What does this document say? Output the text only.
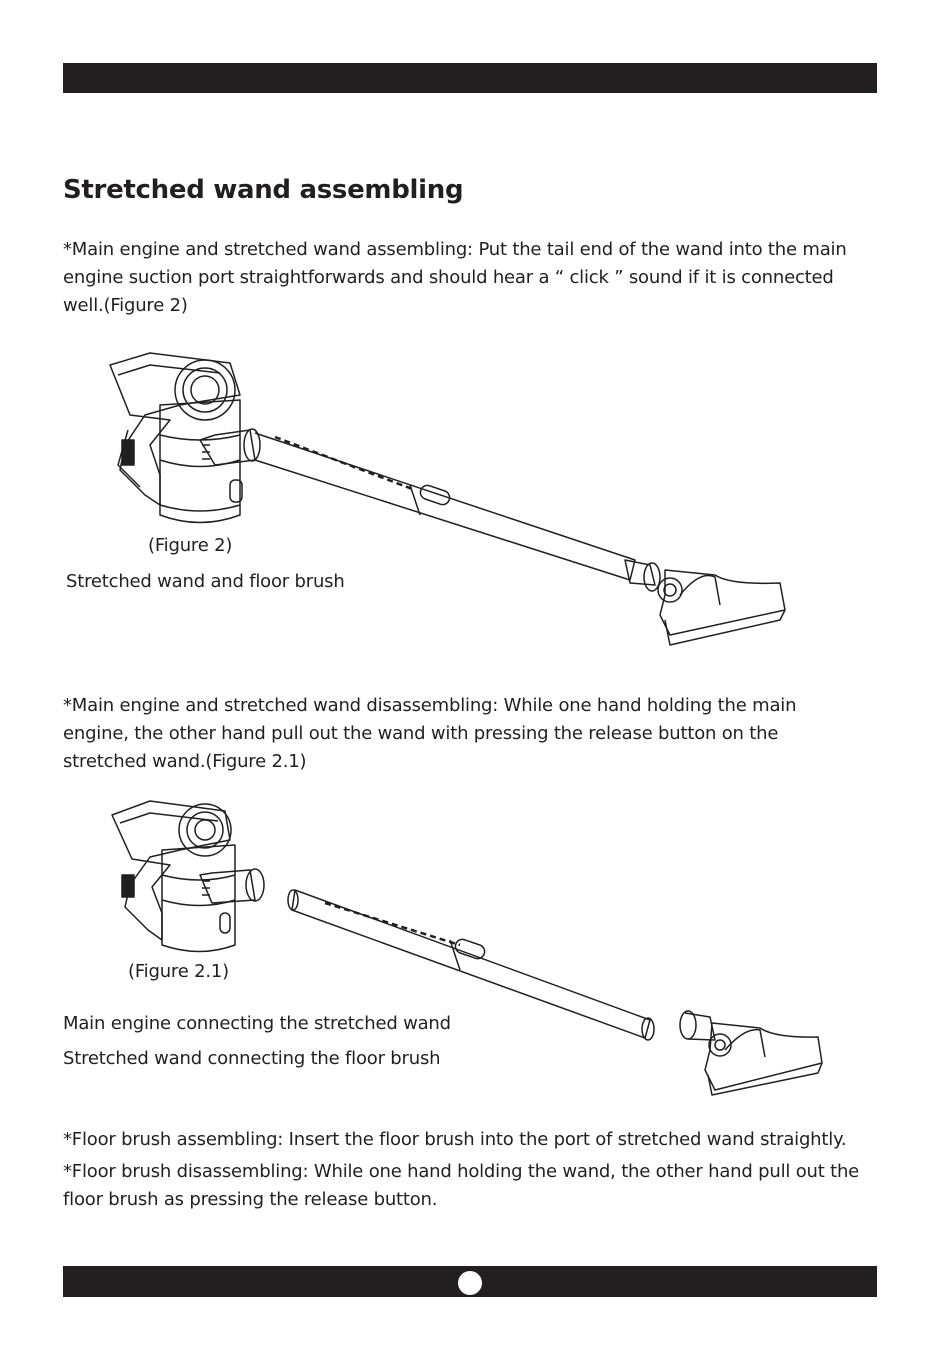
Stretched wand assembling

*Main engine and stretched wand assembling: Put the tail end of the wand into the main engine suction port straightforwards and should hear a “ click ” sound if it is connected well.(Figure 2)

(Figure 2)
Stretched wand and floor brush

*Main engine and stretched wand disassembling: While one hand holding the main engine, the other hand pull out the wand with pressing the release button on the stretched wand.(Figure 2.1)

(Figure 2.1)
Main engine connecting the stretched wand
Stretched wand connecting the floor brush

*Floor brush assembling: Insert the floor brush into the port of stretched wand straightly.

*Floor brush disassembling: While one hand holding the wand, the other hand pull out the floor brush as pressing the release button.
